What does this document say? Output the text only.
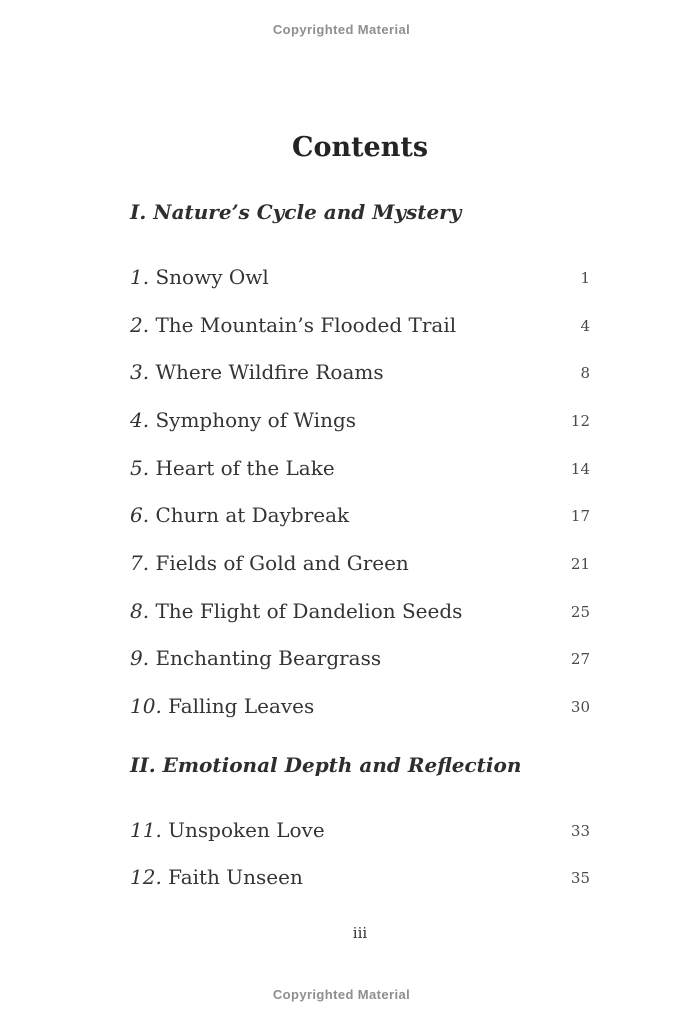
Copyrighted Material
Contents
I. Nature’s Cycle and Mystery
1. Snowy Owl	1
2. The Mountain’s Flooded Trail	4
3. Where Wildfire Roams	8
4. Symphony of Wings	12
5. Heart of the Lake	14
6. Churn at Daybreak	17
7. Fields of Gold and Green	21
8. The Flight of Dandelion Seeds	25
9. Enchanting Beargrass	27
10. Falling Leaves	30
II. Emotional Depth and Reflection
11. Unspoken Love	33
12. Faith Unseen	35
iii
Copyrighted Material
